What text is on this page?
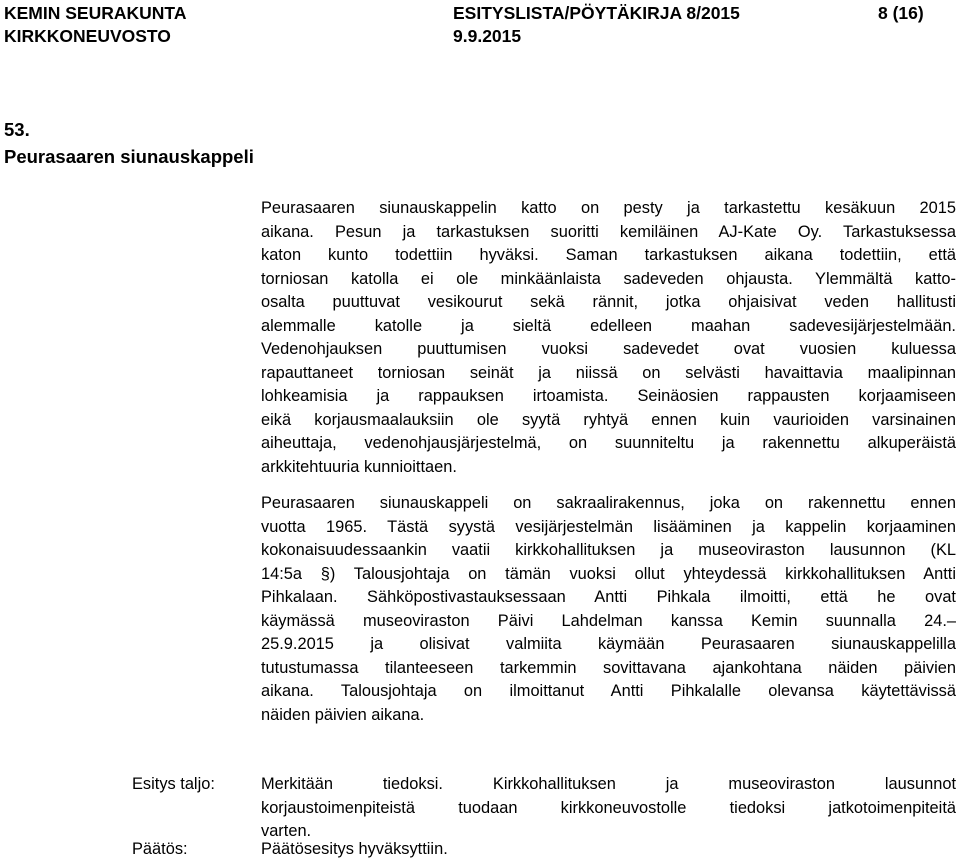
KEMIN SEURAKUNTA
KIRKKONEUVOSTO
ESITYSLISTA/PÖYTÄKIRJA 8/2015
9.9.2015
8 (16)
53.
Peurasaaren siunauskappeli
Peurasaaren siunauskappelin katto on pesty ja tarkastettu kesäkuun 2015
aikana. Pesun ja tarkastuksen suoritti kemiläinen AJ-Kate Oy. Tarkastuksessa
katon kunto todettiin hyväksi. Saman tarkastuksen aikana todettiin, että
torniosan katolla ei ole minkäänlaista sadeveden ohjausta. Ylemmältä katto-
osalta puuttuvat vesikourut sekä rännit, jotka ohjaisivat veden hallitusti
alemmalle katolle ja sieltä edelleen maahan sadevesijärjestelmään.
Vedenohjauksen puuttumisen vuoksi sadevedet ovat vuosien kuluessa
rapauttaneet torniosan seinät ja niissä on selvästi havaittavia maalipinnan
lohkeamisia ja rappauksen irtoamista. Seinäosien rappausten korjaamiseen
eikä korjausmaalauksiin ole syytä ryhtyä ennen kuin vaurioiden varsinainen
aiheuttaja, vedenohjausjärjestelmä, on suunniteltu ja rakennettu alkuperäistä
arkkitehtuuria kunnioittaen.
Peurasaaren siunauskappeli on sakraalirakennus, joka on rakennettu ennen
vuotta 1965. Tästä syystä vesijärjestelmän lisääminen ja kappelin korjaaminen
kokonaisuudessaankin vaatii kirkkohallituksen ja museoviraston lausunnon (KL
14:5a §) Talousjohtaja on tämän vuoksi ollut yhteydessä kirkkohallituksen Antti
Pihkalaan. Sähköpostivastauksessaan Antti Pihkala ilmoitti, että he ovat
käymässä museoviraston Päivi Lahdelman kanssa Kemin suunnalla 24.–
25.9.2015 ja olisivat valmiita käymään Peurasaaren siunauskappelilla
tutustumassa tilanteeseen tarkemmin sovittavana ajankohtana näiden päivien
aikana. Talousjohtaja on ilmoittanut Antti Pihkalalle olevansa käytettävissä
näiden päivien aikana.
Esitys taljo:	Merkitään tiedoksi. Kirkkohallituksen ja museoviraston lausunnot
korjaustoimenpiteistä tuodaan kirkkoneuvostolle tiedoksi jatkotoimenpiteitä
varten.
Päätös:	Päätösesitys hyväksyttiin.
